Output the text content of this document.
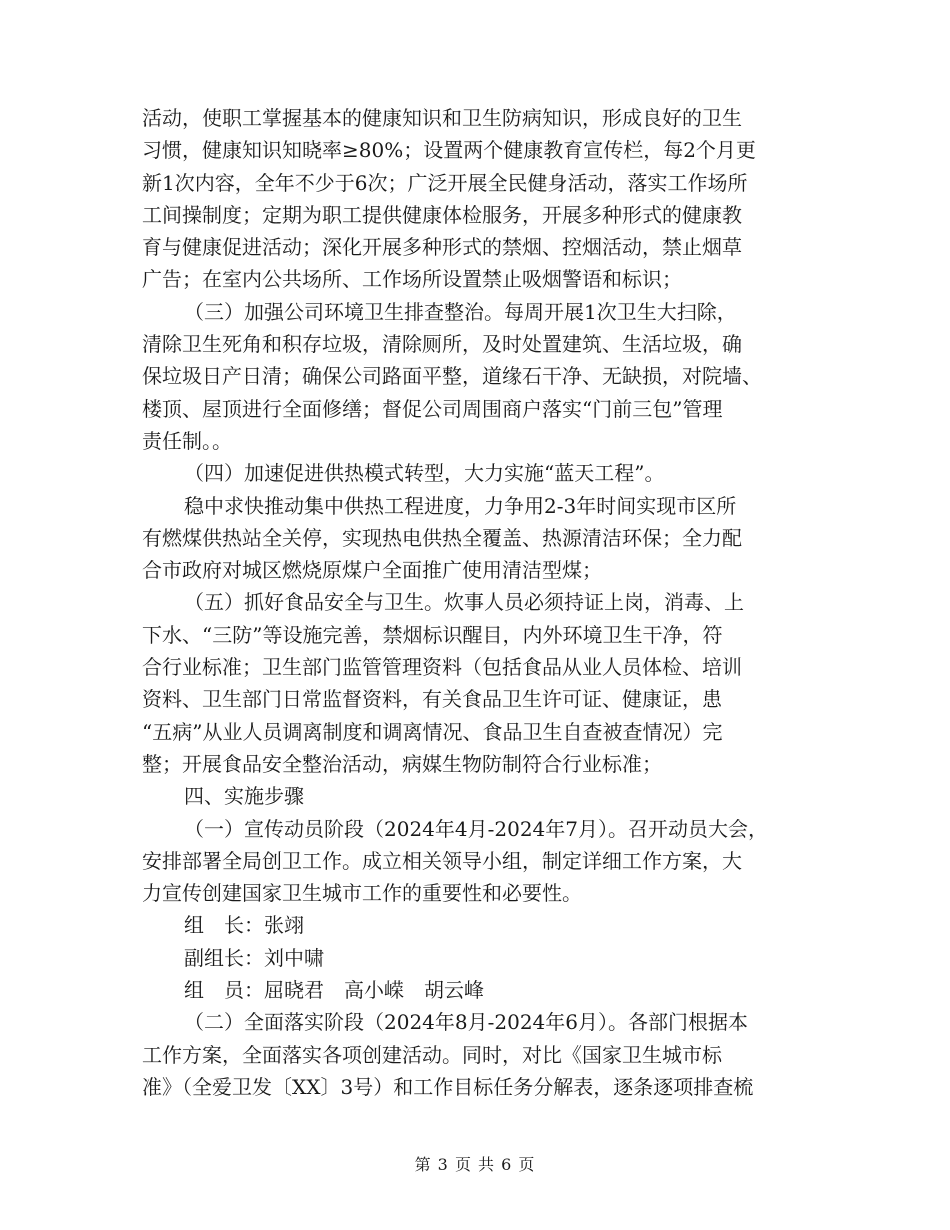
活动，使职工掌握基本的健康知识和卫生防病知识，形成良好的卫生
习惯，健康知识知晓率≥80%；设置两个健康教育宣传栏，每2个月更
新1次内容，全年不少于6次；广泛开展全民健身活动，落实工作场所
工间操制度；定期为职工提供健康体检服务，开展多种形式的健康教
育与健康促进活动；深化开展多种形式的禁烟、控烟活动，禁止烟草
广告；在室内公共场所、工作场所设置禁止吸烟警语和标识；
（三）加强公司环境卫生排查整治。每周开展1次卫生大扫除，
清除卫生死角和积存垃圾，清除厕所，及时处置建筑、生活垃圾，确
保垃圾日产日清；确保公司路面平整，道缘石干净、无缺损，对院墙、
楼顶、屋顶进行全面修缮；督促公司周围商户落实“门前三包”管理
责任制。。
（四）加速促进供热模式转型，大力实施“蓝天工程”。
稳中求快推动集中供热工程进度，力争用2-3年时间实现市区所
有燃煤供热站全关停，实现热电供热全覆盖、热源清洁环保；全力配
合市政府对城区燃烧原煤户全面推广使用清洁型煤；
（五）抓好食品安全与卫生。炊事人员必须持证上岗，消毒、上
下水、“三防”等设施完善，禁烟标识醒目，内外环境卫生干净，符
合行业标准；卫生部门监管管理资料（包括食品从业人员体检、培训
资料、卫生部门日常监督资料，有关食品卫生许可证、健康证，患
“五病”从业人员调离制度和调离情况、食品卫生自查被查情况）完
整；开展食品安全整治活动，病媒生物防制符合行业标准；
四、实施步骤
（一）宣传动员阶段（2024年4月-2024年7月）。召开动员大会，
安排部署全局创卫工作。成立相关领导小组，制定详细工作方案，大
力宣传创建国家卫生城市工作的重要性和必要性。
组　长：张翊
副组长：刘中啸
组　员：屈晓君　高小嵘　胡云峰
（二）全面落实阶段（2024年8月-2024年6月）。各部门根据本
工作方案，全面落实各项创建活动。同时，对比《国家卫生城市标
准》（全爱卫发〔XX〕3号）和工作目标任务分解表，逐条逐项排查梳
第 3 页 共 6 页
